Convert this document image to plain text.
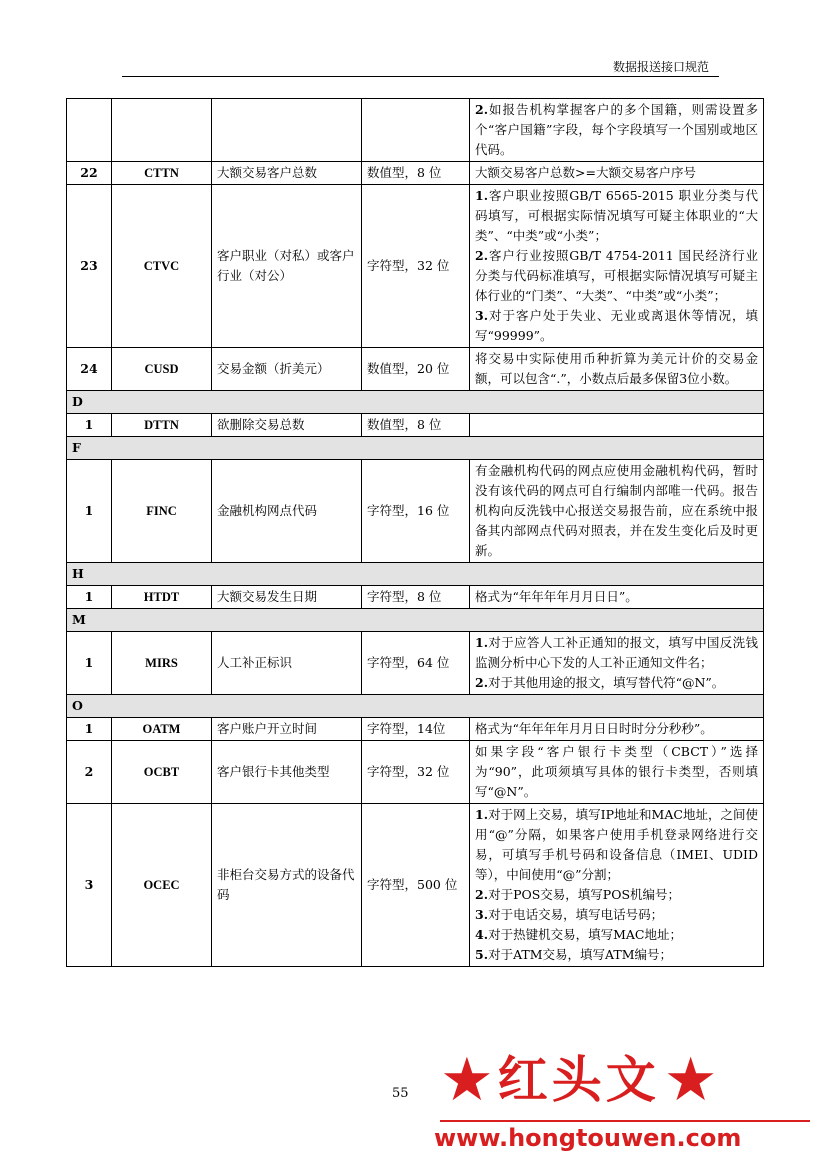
数据报送接口规范

				2.如报告机构掌握客户的多个国籍，则需设置多个“客户国籍”字段，每个字段填写一个国别或地区代码。

22	CTTN	大额交易客户总数	数值型，8 位	大额交易客户总数>=大额交易客户序号

23	CTVC	客户职业（对私）或客户行业（对公）	字符型，32 位	1.客户职业按照GB/T 6565-2015 职业分类与代码填写，可根据实际情况填写可疑主体职业的“大类”、“中类”或“小类”；
2.客户行业按照GB/T 4754-2011 国民经济行业分类与代码标准填写，可根据实际情况填写可疑主体行业的“门类”、“大类”、“中类”或“小类”；
3.对于客户处于失业、无业或离退休等情况，填写“99999”。

24	CUSD	交易金额（折美元）	数值型，20 位	将交易中实际使用币种折算为美元计价的交易金额，可以包含“.”，小数点后最多保留3位小数。

D				
1	DTTN	欲删除交易总数	数值型，8 位	
F				
1	FINC	金融机构网点代码	字符型，16 位	有金融机构代码的网点应使用金融机构代码，暂时没有该代码的网点可自行编制内部唯一代码。报告机构向反洗钱中心报送交易报告前，应在系统中报备其内部网点代码对照表，并在发生变化后及时更新。

H				
1	HTDT	大额交易发生日期	字符型，8 位	格式为“年年年年月月日日”。

M				
1	MIRS	人工补正标识	字符型，64 位	1.对于应答人工补正通知的报文，填写中国反洗钱监测分析中心下发的人工补正通知文件名；
2.对于其他用途的报文，填写替代符“@N”。

O				
1	OATM	客户账户开立时间	字符型，14位	格式为“年年年年月月日日时时分分秒秒”。

2	OCBT	客户银行卡其他类型	字符型，32 位	如果字段“客户银行卡类型（CBCT）”选择为“90”，此项须填写具体的银行卡类型，否则填写“@N”。

3	OCEC	非柜台交易方式的设备代码	字符型，500 位	1.对于网上交易，填写IP地址和MAC地址，之间使用“@”分隔，如果客户使用手机登录网络进行交易，可填写手机号码和设备信息（IMEI、UDID等），中间使用“@”分割；
2.对于POS交易，填写POS机编号；
3.对于电话交易，填写电话号码；
4.对于热键机交易，填写MAC地址；
5.对于ATM交易，填写ATM编号；
55 ★ 红头文 ★
www.hongtouwen.com
